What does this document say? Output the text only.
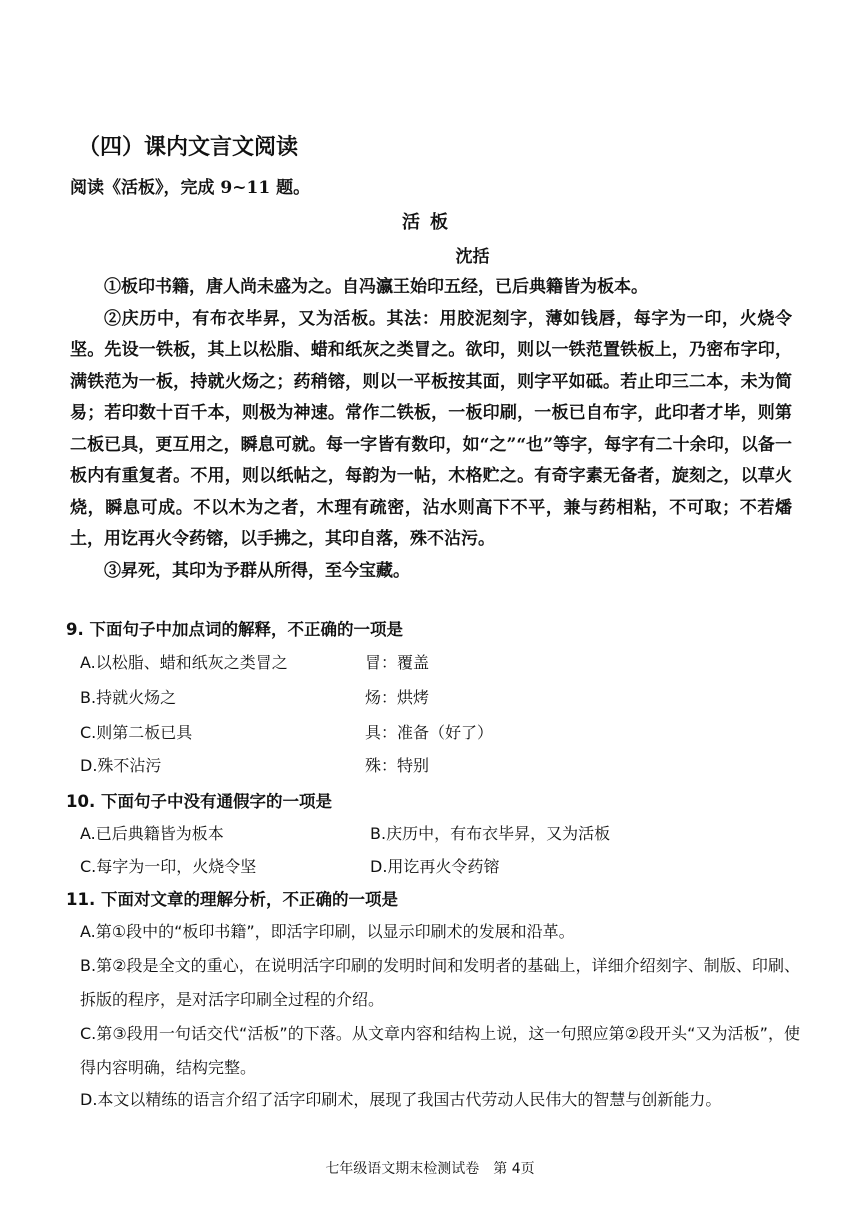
（四）课内文言文阅读
阅读《活板》，完成 9~11 题。
活板
沈括

①板印书籍，唐人尚未盛为之。自冯瀛王始印五经，已后典籍皆为板本。

②庆历中，有布衣毕昇，又为活板。其法：用胶泥刻字，薄如钱唇，每字为一印，火烧令坚。先设一铁板，其上以松脂、蜡和纸灰之类冒之。欲印，则以一铁范置铁板上，乃密布字印，满铁范为一板，持就火炀之；药稍镕，则以一平板按其面，则字平如砥。若止印三二本，未为简易；若印数十百千本，则极为神速。常作二铁板，一板印刷，一板已自布字，此印者才毕，则第二板已具，更互用之，瞬息可就。每一字皆有数印，如“之”“也”等字，每字有二十余印，以备一板内有重复者。不用，则以纸帖之，每韵为一帖，木格贮之。有奇字素无备者，旋刻之，以草火烧，瞬息可成。不以木为之者，木理有疏密，沾水则高下不平，兼与药相粘，不可取；不若燔土，用讫再火令药镕，以手拂之，其印自落，殊不沾污。

③昇死，其印为予群从所得，至今宝藏。

9. 下面句子中加点词的解释，不正确的一项是
A.以松脂、蜡和纸灰之类冒之	冒：覆盖
B.持就火炀之	炀：烘烤
C.则第二板已具	具：准备（好了）
D.殊不沾污	殊：特别
10. 下面句子中没有通假字的一项是
A.已后典籍皆为板本	B.庆历中，有布衣毕昇，又为活板
C.每字为一印，火烧令坚	D.用讫再火令药镕
11. 下面对文章的理解分析，不正确的一项是
A.第①段中的“板印书籍”，即活字印刷，以显示印刷术的发展和沿革。
B.第②段是全文的重心，在说明活字印刷的发明时间和发明者的基础上，详细介绍刻字、制版、印刷、拆版的程序，是对活字印刷全过程的介绍。
C.第③段用一句话交代“活板”的下落。从文章内容和结构上说，这一句照应第②段开头“又为活板”，使得内容明确，结构完整。
D.本文以精练的语言介绍了活字印刷术，展现了我国古代劳动人民伟大的智慧与创新能力。
七年级语文期末检测试卷　第 4页
